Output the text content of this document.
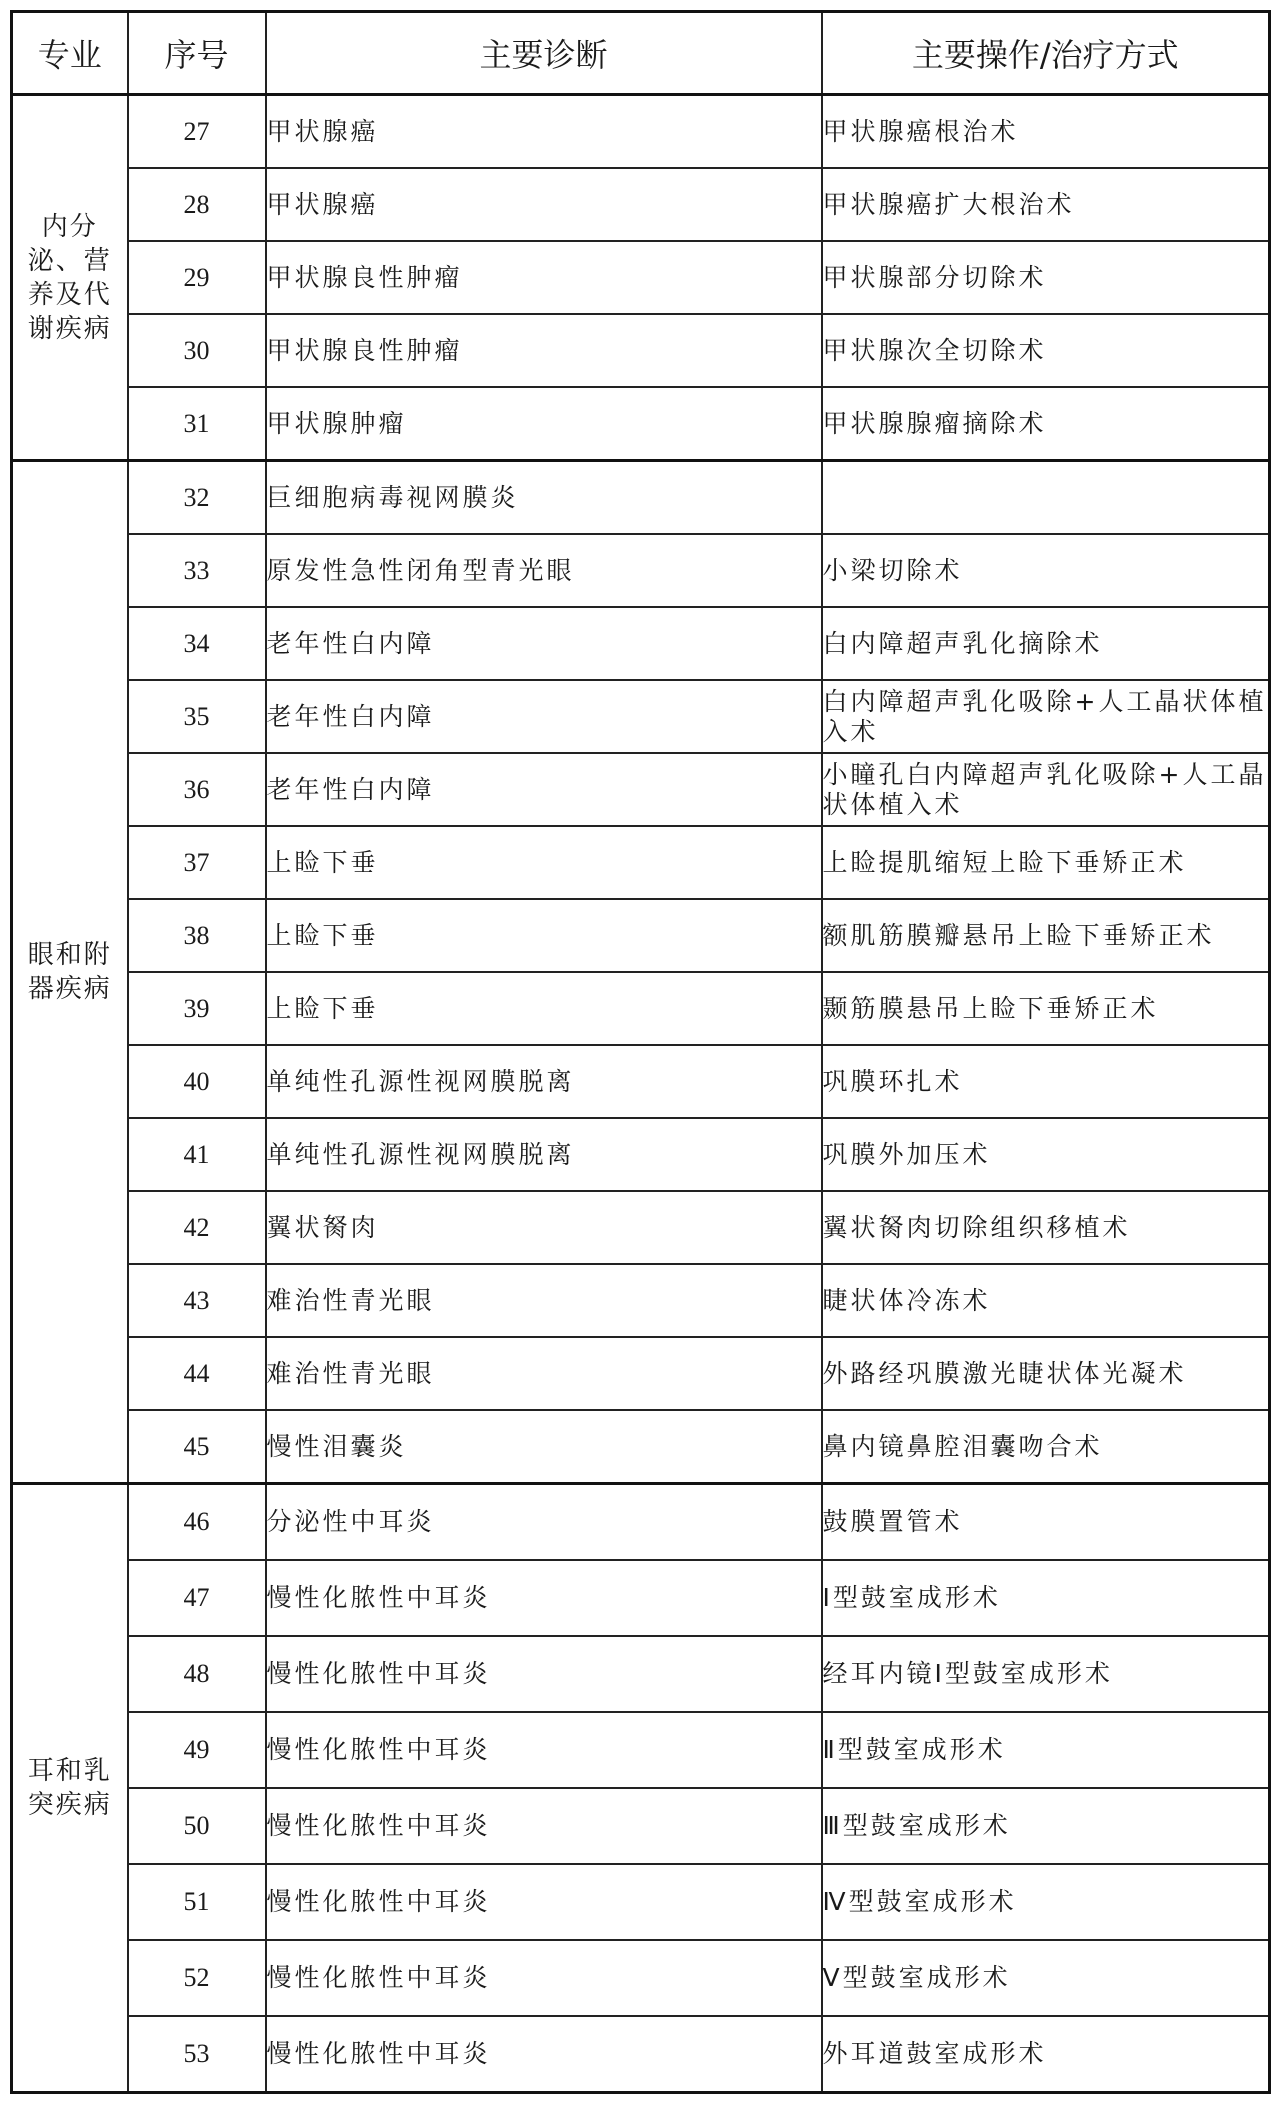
专业	序号	主要诊断	主要操作/治疗方式
内分泌、营养及代谢疾病	27	甲状腺癌	甲状腺癌根治术
	28	甲状腺癌	甲状腺癌扩大根治术
	29	甲状腺良性肿瘤	甲状腺部分切除术
	30	甲状腺良性肿瘤	甲状腺次全切除术
	31	甲状腺肿瘤	甲状腺腺瘤摘除术
眼和附器疾病	32	巨细胞病毒视网膜炎	
	33	原发性急性闭角型青光眼	小梁切除术
	34	老年性白内障	白内障超声乳化摘除术
	35	老年性白内障	白内障超声乳化吸除+人工晶状体植入术
	36	老年性白内障	小瞳孔白内障超声乳化吸除+人工晶状体植入术
	37	上睑下垂	上睑提肌缩短上睑下垂矫正术
	38	上睑下垂	额肌筋膜瓣悬吊上睑下垂矫正术
	39	上睑下垂	颞筋膜悬吊上睑下垂矫正术
	40	单纯性孔源性视网膜脱离	巩膜环扎术
	41	单纯性孔源性视网膜脱离	巩膜外加压术
	42	翼状胬肉	翼状胬肉切除组织移植术
	43	难治性青光眼	睫状体冷冻术
	44	难治性青光眼	外路经巩膜激光睫状体光凝术
	45	慢性泪囊炎	鼻内镜鼻腔泪囊吻合术
耳和乳突疾病	46	分泌性中耳炎	鼓膜置管术
	47	慢性化脓性中耳炎	I型鼓室成形术
	48	慢性化脓性中耳炎	经耳内镜I型鼓室成形术
	49	慢性化脓性中耳炎	Ⅱ型鼓室成形术
	50	慢性化脓性中耳炎	Ⅲ型鼓室成形术
	51	慢性化脓性中耳炎	Ⅳ型鼓室成形术
	52	慢性化脓性中耳炎	Ⅴ型鼓室成形术
	53	慢性化脓性中耳炎	外耳道鼓室成形术
